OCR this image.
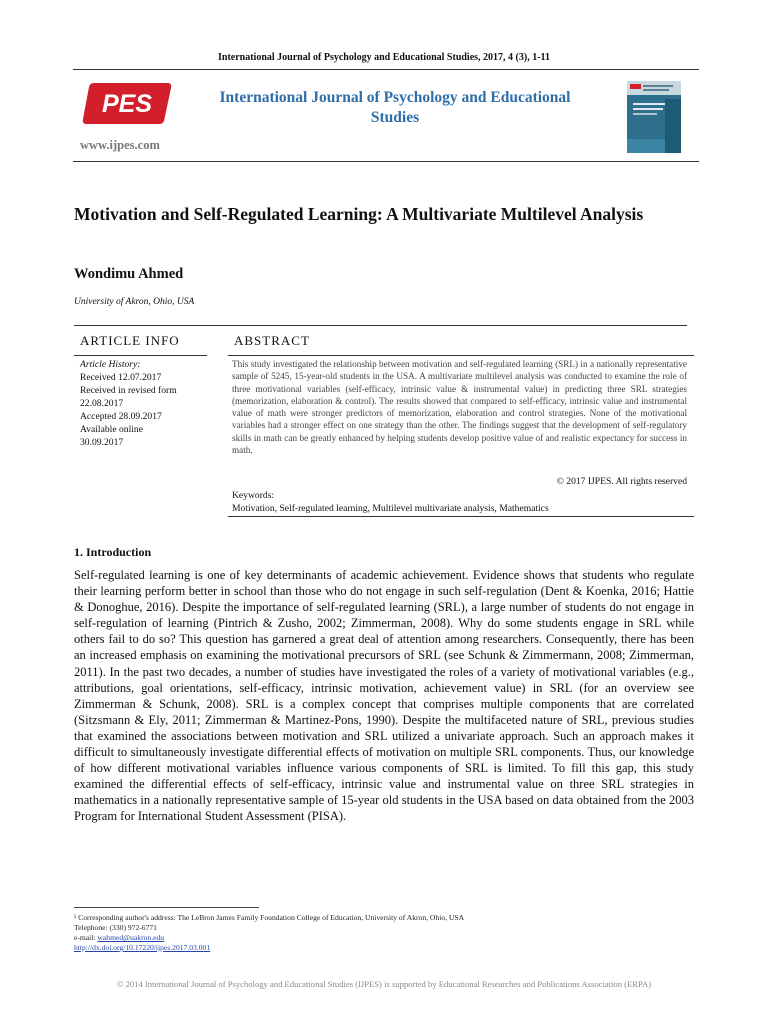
International Journal of Psychology and Educational Studies, 2017, 4 (3), 1-11
PES
www.ijpes.com
International Journal of Psychology and Educational Studies
Motivation and Self-Regulated Learning: A Multivariate Multilevel Analysis
Wondimu Ahmed
University of Akron, Ohio, USA
ARTICLE INFO	ABSTRACT
Article History:
Received 12.07.2017
Received in revised form
22.08.2017
Accepted 28.09.2017
Available online
30.09.2017
This study investigated the relationship between motivation and self-regulated learning (SRL) in a nationally representative sample of 5245, 15-year-old students in the USA. A multivariate multilevel analysis was conducted to examine the role of three motivational variables (self-efficacy, intrinsic value & instrumental value) in predicting three SRL strategies (memorization, elaboration & control). The results showed that compared to self-efficacy, intrinsic value and instrumental value of math were stronger predictors of memorization, elaboration and control strategies. None of the motivational variables had a stronger effect on one strategy than the other. The findings suggest that the development of self-regulatory skills in math can be greatly enhanced by helping students develop positive value of and realistic expectancy for success in math.
© 2017 IJPES. All rights reserved
Keywords:
Motivation, Self-regulated learning, Multilevel multivariate analysis, Mathematics
1. Introduction
Self-regulated learning is one of key determinants of academic achievement. Evidence shows that students who regulate their learning perform better in school than those who do not engage in such self-regulation (Dent & Koenka, 2016; Hattie & Donoghue, 2016). Despite the importance of self-regulated learning (SRL), a large number of students do not engage in self-regulation of learning (Pintrich & Zusho, 2002; Zimmerman, 2008). Why do some students engage in SRL while others fail to do so? This question has garnered a great deal of attention among researchers. Consequently, there has been an increased emphasis on examining the motivational precursors of SRL (see Schunk & Zimmermann, 2008; Zimmerman, 2011). In the past two decades, a number of studies have investigated the roles of a variety of motivational variables (e.g., attributions, goal orientations, self-efficacy, intrinsic motivation, achievement value) in SRL (for an overview see Zimmerman & Schunk, 2008). SRL is a complex concept that comprises multiple components that are correlated (Sitzsmann & Ely, 2011; Zimmerman & Martinez-Pons, 1990). Despite the multifaceted nature of SRL, previous studies that examined the associations between motivation and SRL utilized a univariate approach. Such an approach makes it difficult to simultaneously investigate differential effects of motivation on multiple SRL components. Thus, our knowledge of how different motivational variables influence various components of SRL is limited. To fill this gap, this study examined the differential effects of self-efficacy, intrinsic value and instrumental value on three SRL strategies in mathematics in a nationally representative sample of 15-year old students in the USA based on data obtained from the 2003 Program for International Student Assessment (PISA).
¹ Corresponding author's address: The LeBron James Family Foundation College of Education, University of Akron, Ohio, USA
Telephone: (330) 972-6771
e-mail: wahmed@uakron.edu
http://dx.doi.org/10.17220/ijpes.2017.03.001
© 2014 International Journal of Psychology and Educational Studies (IJPES) is supported by Educational Researches and Publications Association (ERPA)
